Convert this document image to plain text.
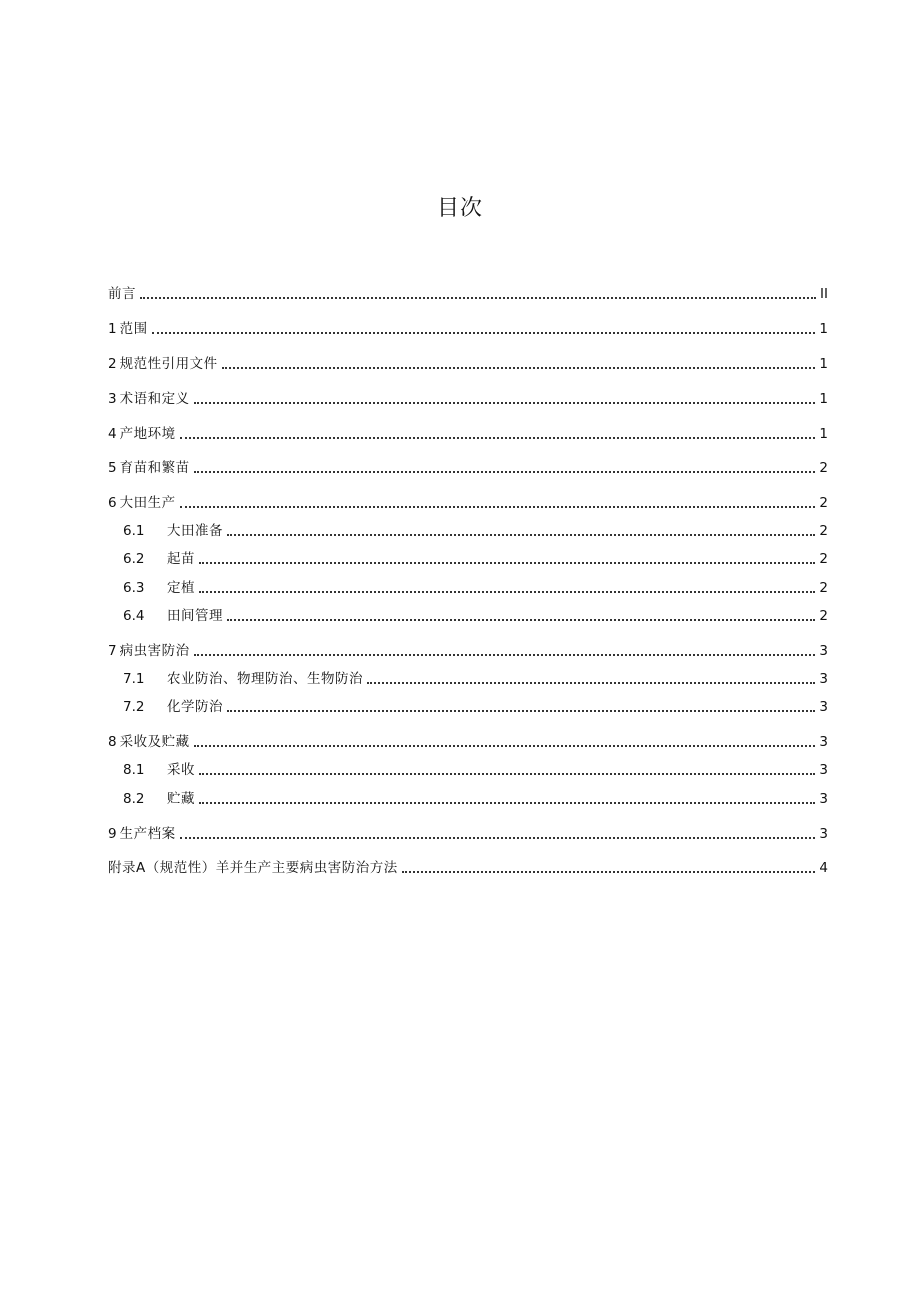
目次
前言	II
1 范围	1
2 规范性引用文件	1
3 术语和定义	1
4 产地环境	1
5 育苗和繁苗	2
6 大田生产	2
6.1	大田准备	2
6.2	起苗	2
6.3	定植	2
6.4	田间管理	2
7 病虫害防治	3
7.1	农业防治、物理防治、生物防治	3
7.2	化学防治	3
8 采收及贮藏	3
8.1	采收	3
8.2	贮藏	3
9 生产档案	3
附录A（规范性）羊并生产主要病虫害防治方法	4
